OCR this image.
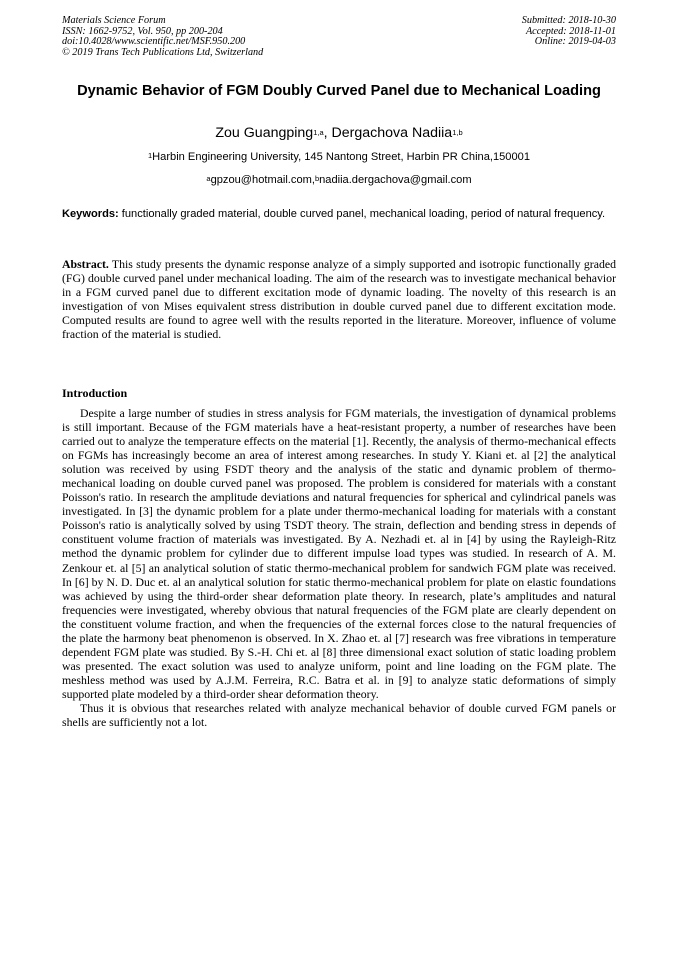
Materials Science Forum
ISSN: 1662-9752, Vol. 950, pp 200-204
doi:10.4028/www.scientific.net/MSF.950.200
© 2019 Trans Tech Publications Ltd, Switzerland
Submitted: 2018-10-30
Accepted: 2018-11-01
Online: 2019-04-03
Dynamic Behavior of FGM Doubly Curved Panel due to Mechanical Loading
Zou Guangping$^{1,a}$, Dergachova Nadiia$^{1,b}$
$^1$Harbin Engineering University, 145 Nantong Street, Harbin PR China,150001
$^a$gpzou@hotmail.com,$^b$nadiia.dergachova@gmail.com
Keywords: functionally graded material, double curved panel, mechanical loading, period of natural frequency.
Abstract. This study presents the dynamic response analyze of a simply supported and isotropic functionally graded (FG) double curved panel under mechanical loading. The aim of the research was to investigate mechanical behavior in a FGM curved panel due to different excitation mode of dynamic loading. The novelty of this research is an investigation of von Mises equivalent stress distribution in double curved panel due to different excitation mode. Computed results are found to agree well with the results reported in the literature. Moreover, influence of volume fraction of the material is studied.
Introduction

Despite a large number of studies in stress analysis for FGM materials, the investigation of dynamical problems is still important. Because of the FGM materials have a heat-resistant property, a number of researches have been carried out to analyze the temperature effects on the material [1]. Recently, the analysis of thermo-mechanical effects on FGMs has increasingly become an area of interest among researches. In study Y. Kiani et. al [2] the analytical solution was received by using FSDT theory and the analysis of the static and dynamic problem of thermo-mechanical loading on double curved panel was proposed. The problem is considered for materials with a constant Poisson's ratio. In research the amplitude deviations and natural frequencies for spherical and cylindrical panels was investigated. In [3] the dynamic problem for a plate under thermo-mechanical loading for materials with a constant Poisson's ratio is analytically solved by using TSDT theory. The strain, deflection and bending stress in depends of constituent volume fraction of materials was investigated. By A. Nezhadi et. al in [4] by using the Rayleigh-Ritz method the dynamic problem for cylinder due to different impulse load types was studied. In research of A. M. Zenkour et. al [5] an analytical solution of static thermo-mechanical problem for sandwich FGM plate was received. In [6] by N. D. Duc et. al an analytical solution for static thermo-mechanical problem for plate on elastic foundations was achieved by using the third-order shear deformation plate theory. In research, plate’s amplitudes and natural frequencies were investigated, whereby obvious that natural frequencies of the FGM plate are clearly dependent on the constituent volume fraction, and when the frequencies of the external forces close to the natural frequencies of the plate the harmony beat phenomenon is observed. In X. Zhao et. al [7] research was free vibrations in temperature dependent FGM plate was studied. By S.-H. Chi et. al [8] three dimensional exact solution of static loading problem was presented. The exact solution was used to analyze uniform, point and line loading on the FGM plate. The meshless method was used by A.J.M. Ferreira, R.C. Batra et al. in [9] to analyze static deformations of simply supported plate modeled by a third-order shear deformation theory.

Thus it is obvious that researches related with analyze mechanical behavior of double curved FGM panels or shells are sufficiently not a lot.
